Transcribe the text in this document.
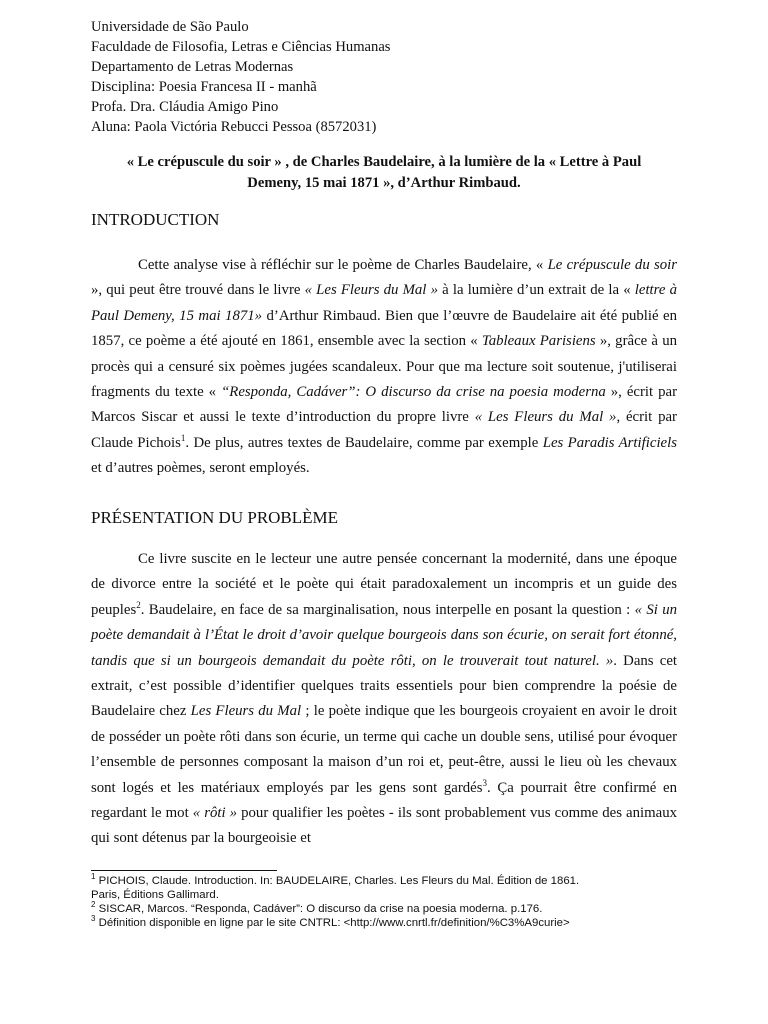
Universidade de São Paulo
Faculdade de Filosofia, Letras e Ciências Humanas
Departamento de Letras Modernas
Disciplina: Poesia Francesa II - manhã
Profa. Dra. Cláudia Amigo Pino
Aluna: Paola Victória Rebucci Pessoa (8572031)
« Le crépuscule du soir » , de Charles Baudelaire, à la lumière de la « Lettre à Paul
Demeny, 15 mai 1871 », d’Arthur Rimbaud.
INTRODUCTION

Cette analyse vise à réfléchir sur le poème de Charles Baudelaire, « Le crépuscule du soir », qui peut être trouvé dans le livre « Les Fleurs du Mal » à la lumière d’un extrait de la « lettre à Paul Demeny, 15 mai 1871» d’Arthur Rimbaud. Bien que l’œuvre de Baudelaire ait été publié en 1857, ce poème a été ajouté en 1861, ensemble avec la section « Tableaux Parisiens », grâce à un procès qui a censuré six poèmes jugées scandaleux. Pour que ma lecture soit soutenue, j'utiliserai fragments du texte « “Responda, Cadáver”: O discurso da crise na poesia moderna », écrit par Marcos Siscar et aussi le texte d’introduction du propre livre « Les Fleurs du Mal », écrit par Claude Pichois$^1$. De plus, autres textes de Baudelaire, comme par exemple Les Paradis Artificiels et d’autres poèmes, seront employés.

PRÉSENTATION DU PROBLÈME

Ce livre suscite en le lecteur une autre pensée concernant la modernité, dans une époque de divorce entre la société et le poète qui était paradoxalement un incompris et un guide des peuples$^2$. Baudelaire, en face de sa marginalisation, nous interpelle en posant la question : « Si un poète demandait à l’État le droit d’avoir quelque bourgeois dans son écurie, on serait fort étonné, tandis que si un bourgeois demandait du poète rôti, on le trouverait tout naturel. ». Dans cet extrait, c’est possible d’identifier quelques traits essentiels pour bien comprendre la poésie de Baudelaire chez Les Fleurs du Mal ; le poète indique que les bourgeois croyaient en avoir le droit de posséder un poète rôti dans son écurie, un terme qui cache un double sens, utilisé pour évoquer l’ensemble de personnes composant la maison d’un roi et, peut-être, aussi le lieu où les chevaux sont logés et les matériaux employés par les gens sont gardés$^3$. Ça pourrait être confirmé en regardant le mot « rôti » pour qualifier les poètes - ils sont probablement vus comme des animaux qui sont détenus par la bourgeoisie et

$^1$ PICHOIS, Claude. Introduction. In: BAUDELAIRE, Charles. Les Fleurs du Mal. Édition de 1861.
Paris, Éditions Gallimard.
$^2$ SISCAR, Marcos. “Responda, Cadáver”: O discurso da crise na poesia moderna. p.176.
$^3$ Définition disponible en ligne par le site CNTRL: <http://www.cnrtl.fr/definition/%C3%A9curie>
